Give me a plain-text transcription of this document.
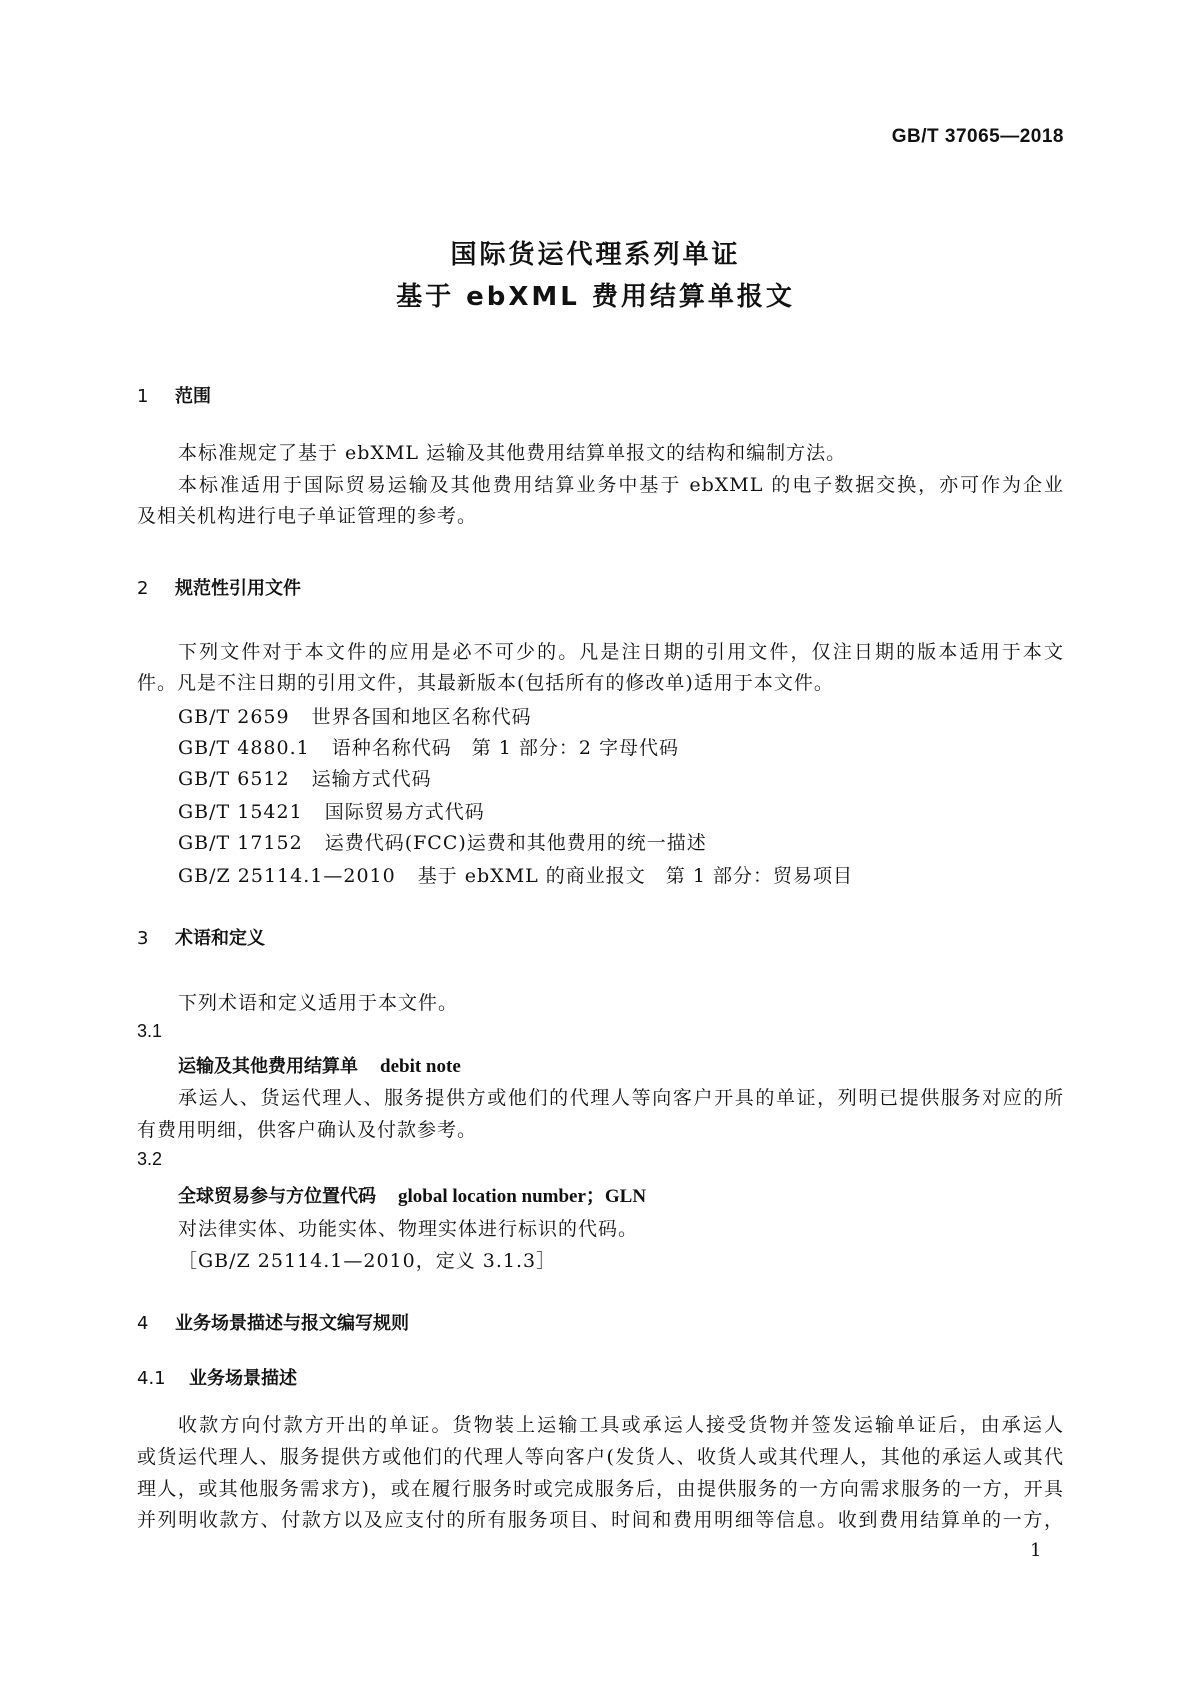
GB/T 37065—2018
国际货运代理系列单证
基于 ebXML 费用结算单报文
1 范围
本标准规定了基于 ebXML 运输及其他费用结算单报文的结构和编制方法。
本标准适用于国际贸易运输及其他费用结算业务中基于 ebXML 的电子数据交换，亦可作为企业
及相关机构进行电子单证管理的参考。
2 规范性引用文件
下列文件对于本文件的应用是必不可少的。凡是注日期的引用文件，仅注日期的版本适用于本文
件。凡是不注日期的引用文件，其最新版本(包括所有的修改单)适用于本文件。
GB/T 2659 世界各国和地区名称代码
GB/T 4880.1 语种名称代码　第 1 部分：2 字母代码
GB/T 6512 运输方式代码
GB/T 15421 国际贸易方式代码
GB/T 17152 运费代码(FCC)运费和其他费用的统一描述
GB/Z 25114.1—2010 基于 ebXML 的商业报文　第 1 部分：贸易项目
3 术语和定义
下列术语和定义适用于本文件。
3.1
运输及其他费用结算单 debit note
承运人、货运代理人、服务提供方或他们的代理人等向客户开具的单证，列明已提供服务对应的所
有费用明细，供客户确认及付款参考。
3.2
全球贸易参与方位置代码 global location number；GLN
对法律实体、功能实体、物理实体进行标识的代码。
［GB/Z 25114.1—2010，定义 3.1.3］
4 业务场景描述与报文编写规则
4.1 业务场景描述
收款方向付款方开出的单证。货物装上运输工具或承运人接受货物并签发运输单证后，由承运人
或货运代理人、服务提供方或他们的代理人等向客户(发货人、收货人或其代理人，其他的承运人或其代
理人，或其他服务需求方)，或在履行服务时或完成服务后，由提供服务的一方向需求服务的一方，开具
并列明收款方、付款方以及应支付的所有服务项目、时间和费用明细等信息。收到费用结算单的一方，
1
